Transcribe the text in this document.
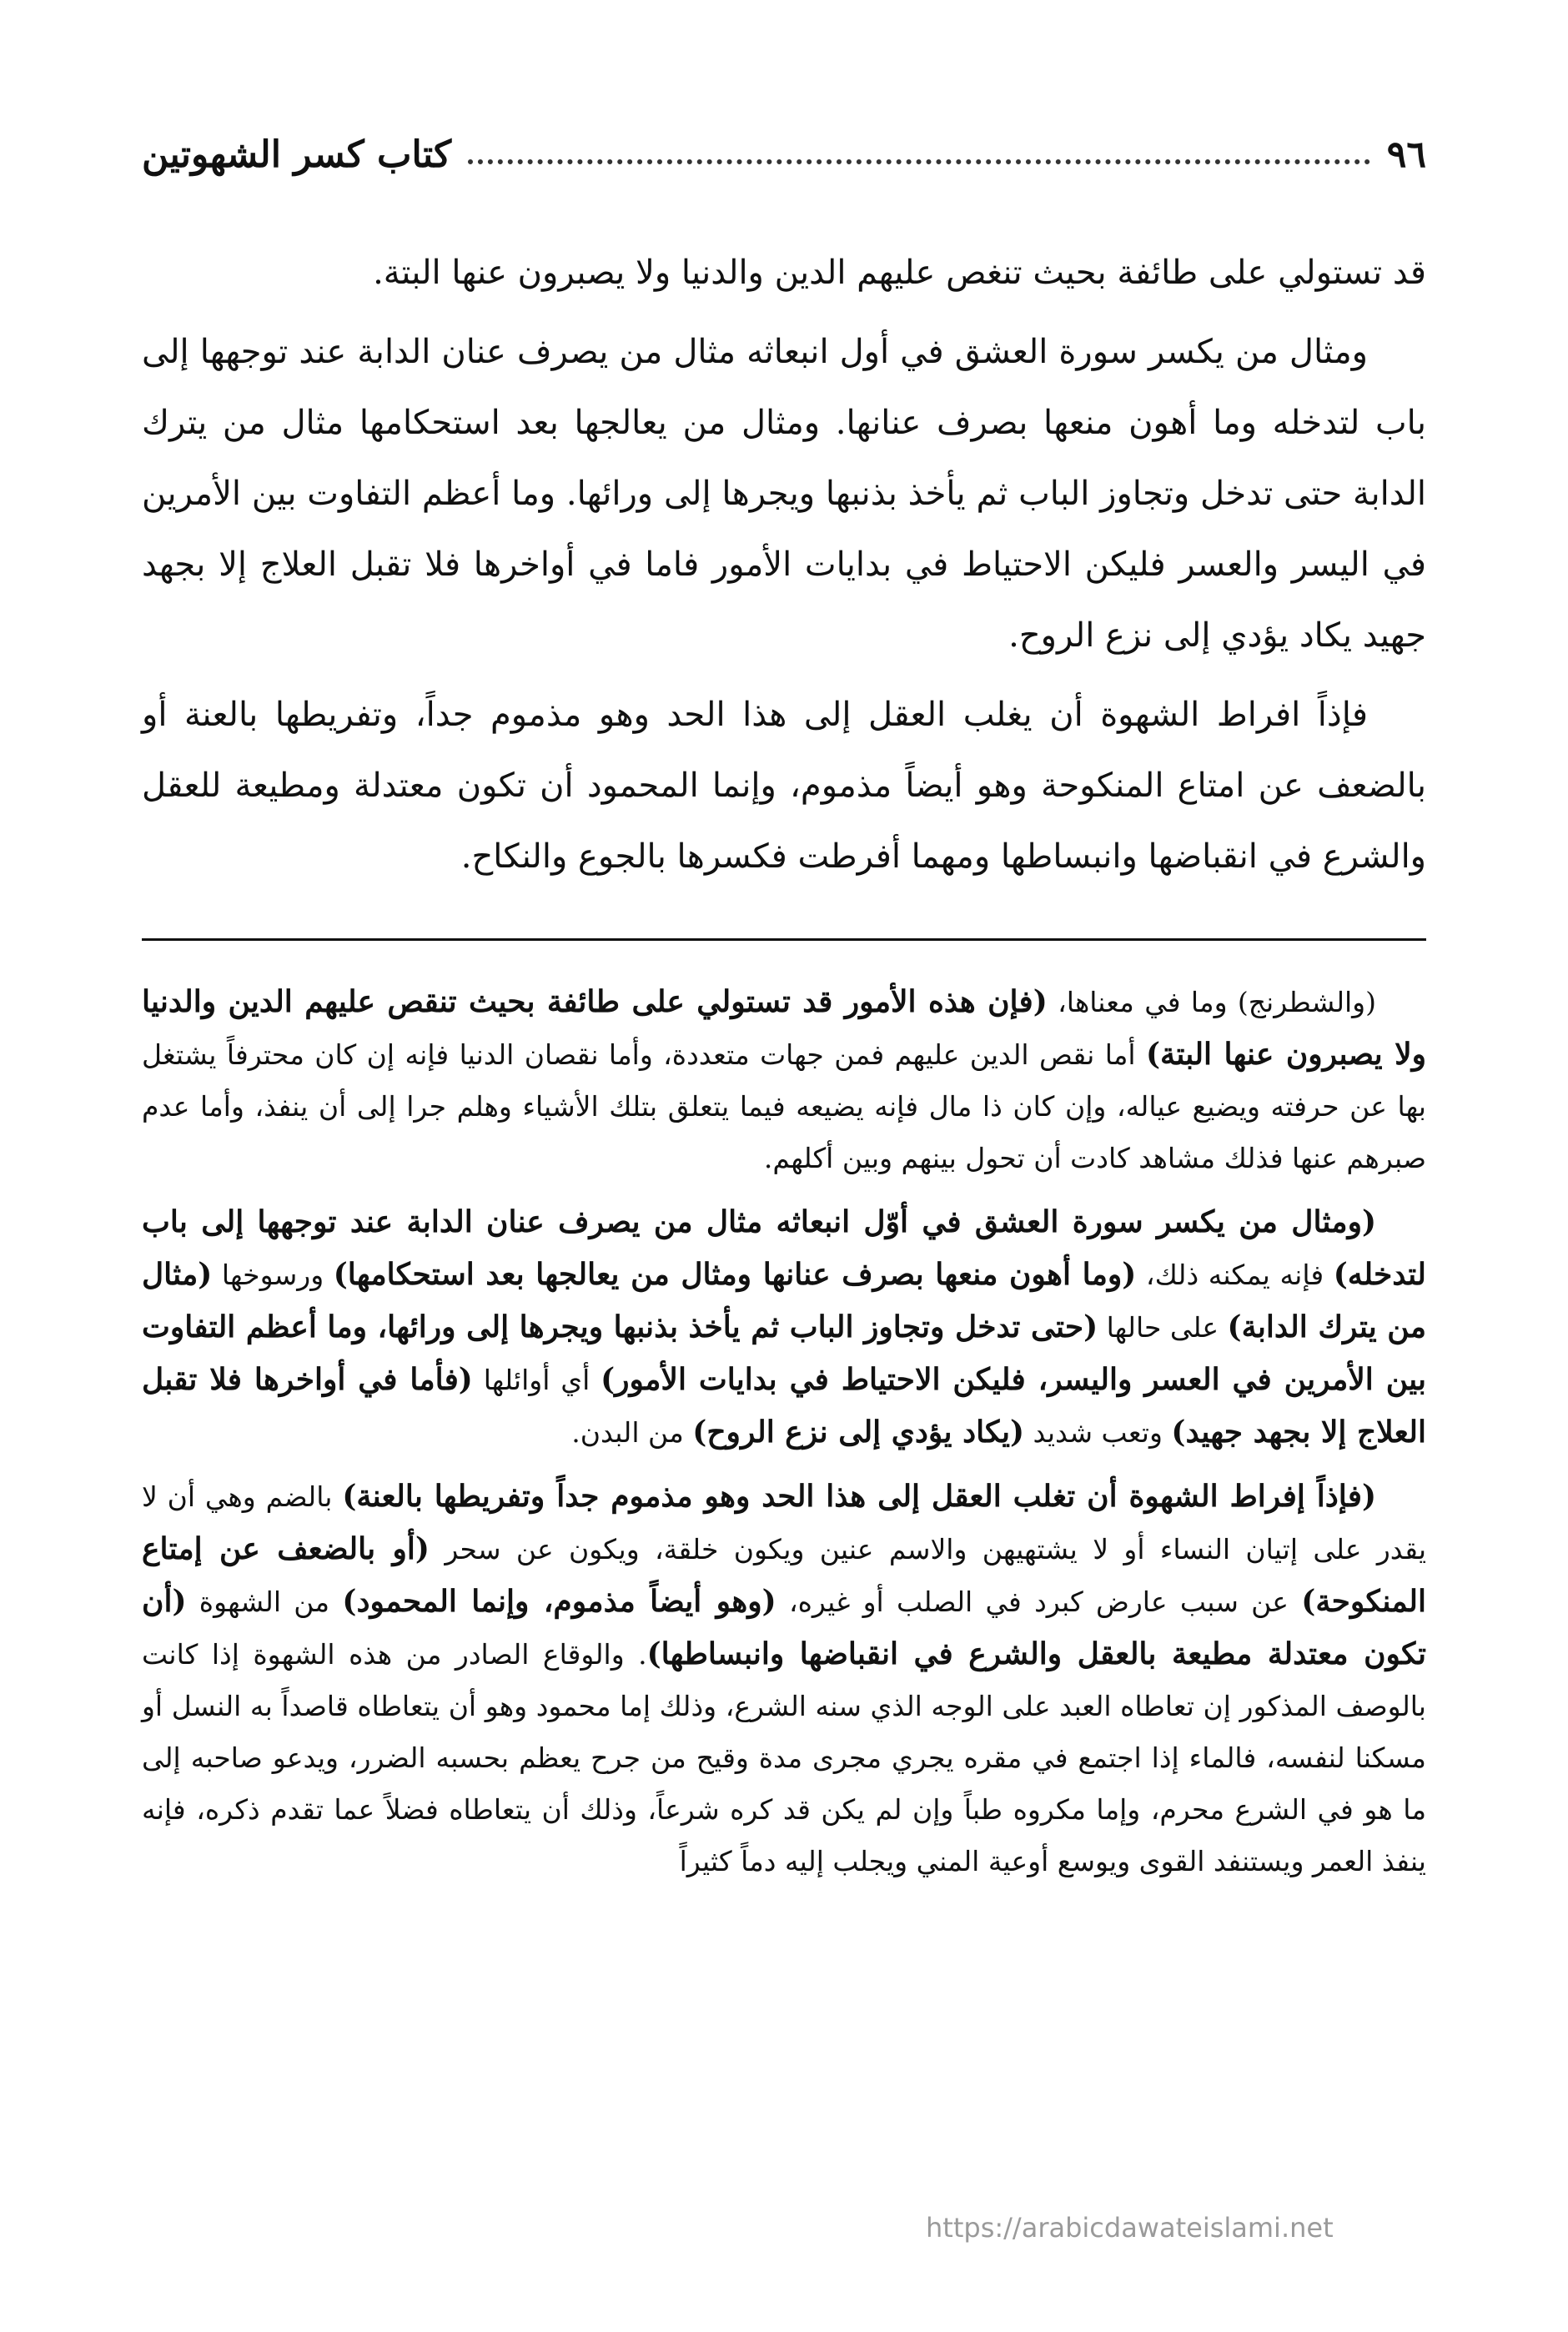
٩٦
كتاب كسر الشهوتين

قد تستولي على طائفة بحيث تنغص عليهم الدين والدنيا ولا يصبرون عنها البتة.

ومثال من يكسر سورة العشق في أول انبعاثه مثال من يصرف عنان الدابة عند توجهها إلى باب لتدخله وما أهون منعها بصرف عنانها. ومثال من يعالجها بعد استحكامها مثال من يترك الدابة حتى تدخل وتجاوز الباب ثم يأخذ بذنبها ويجرها إلى ورائها. وما أعظم التفاوت بين الأمرين في اليسر والعسر فليكن الاحتياط في بدايات الأمور فاما في أواخرها فلا تقبل العلاج إلا بجهد جهيد يكاد يؤدي إلى نزع الروح.

فإذاً افراط الشهوة أن يغلب العقل إلى هذا الحد وهو مذموم جداً، وتفريطها بالعنة أو بالضعف عن امتاع المنكوحة وهو أيضاً مذموم، وإنما المحمود أن تكون معتدلة ومطيعة للعقل والشرع في انقباضها وانبساطها ومهما أفرطت فكسرها بالجوع والنكاح.

(والشطرنج) وما في معناها، (فإن هذه الأمور قد تستولي على طائفة بحيث تنقص عليهم الدين والدنيا ولا يصبرون عنها البتة) أما نقص الدين عليهم فمن جهات متعددة، وأما نقصان الدنيا فإنه إن كان محترفاً يشتغل بها عن حرفته ويضيع عياله، وإن كان ذا مال فإنه يضيعه فيما يتعلق بتلك الأشياء وهلم جرا إلى أن ينفذ، وأما عدم صبرهم عنها فذلك مشاهد كادت أن تحول بينهم وبين أكلهم.

(ومثال من يكسر سورة العشق في أوّل انبعاثه مثال من يصرف عنان الدابة عند توجهها إلى باب لتدخله) فإنه يمكنه ذلك، (وما أهون منعها بصرف عنانها ومثال من يعالجها بعد استحكامها) ورسوخها (مثال من يترك الدابة) على حالها (حتى تدخل وتجاوز الباب ثم يأخذ بذنبها ويجرها إلى ورائها، وما أعظم التفاوت بين الأمرين في العسر واليسر، فليكن الاحتياط في بدايات الأمور) أي أوائلها (فأما في أواخرها فلا تقبل العلاج إلا بجهد جهيد) وتعب شديد (يكاد يؤدي إلى نزع الروح) من البدن.

(فإذاً إفراط الشهوة أن تغلب العقل إلى هذا الحد وهو مذموم جداً وتفريطها بالعنة) بالضم وهي أن لا يقدر على إتيان النساء أو لا يشتهيهن والاسم عنين ويكون خلقة، ويكون عن سحر (أو بالضعف عن إمتاع المنكوحة) عن سبب عارض كبرد في الصلب أو غيره، (وهو أيضاً مذموم، وإنما المحمود) من الشهوة (أن تكون معتدلة مطيعة بالعقل والشرع في انقباضها وانبساطها). والوقاع الصادر من هذه الشهوة إذا كانت بالوصف المذكور إن تعاطاه العبد على الوجه الذي سنه الشرع، وذلك إما محمود وهو أن يتعاطاه قاصداً به النسل أو مسكنا لنفسه، فالماء إذا اجتمع في مقره يجري مجرى مدة وقيح من جرح يعظم بحسبه الضرر، ويدعو صاحبه إلى ما هو في الشرع محرم، وإما مكروه طباً وإن لم يكن قد كره شرعاً، وذلك أن يتعاطاه فضلاً عما تقدم ذكره، فإنه ينفذ العمر ويستنفد القوى ويوسع أوعية المني ويجلب إليه دماً كثيراً

https://arabicdawateislami.net
